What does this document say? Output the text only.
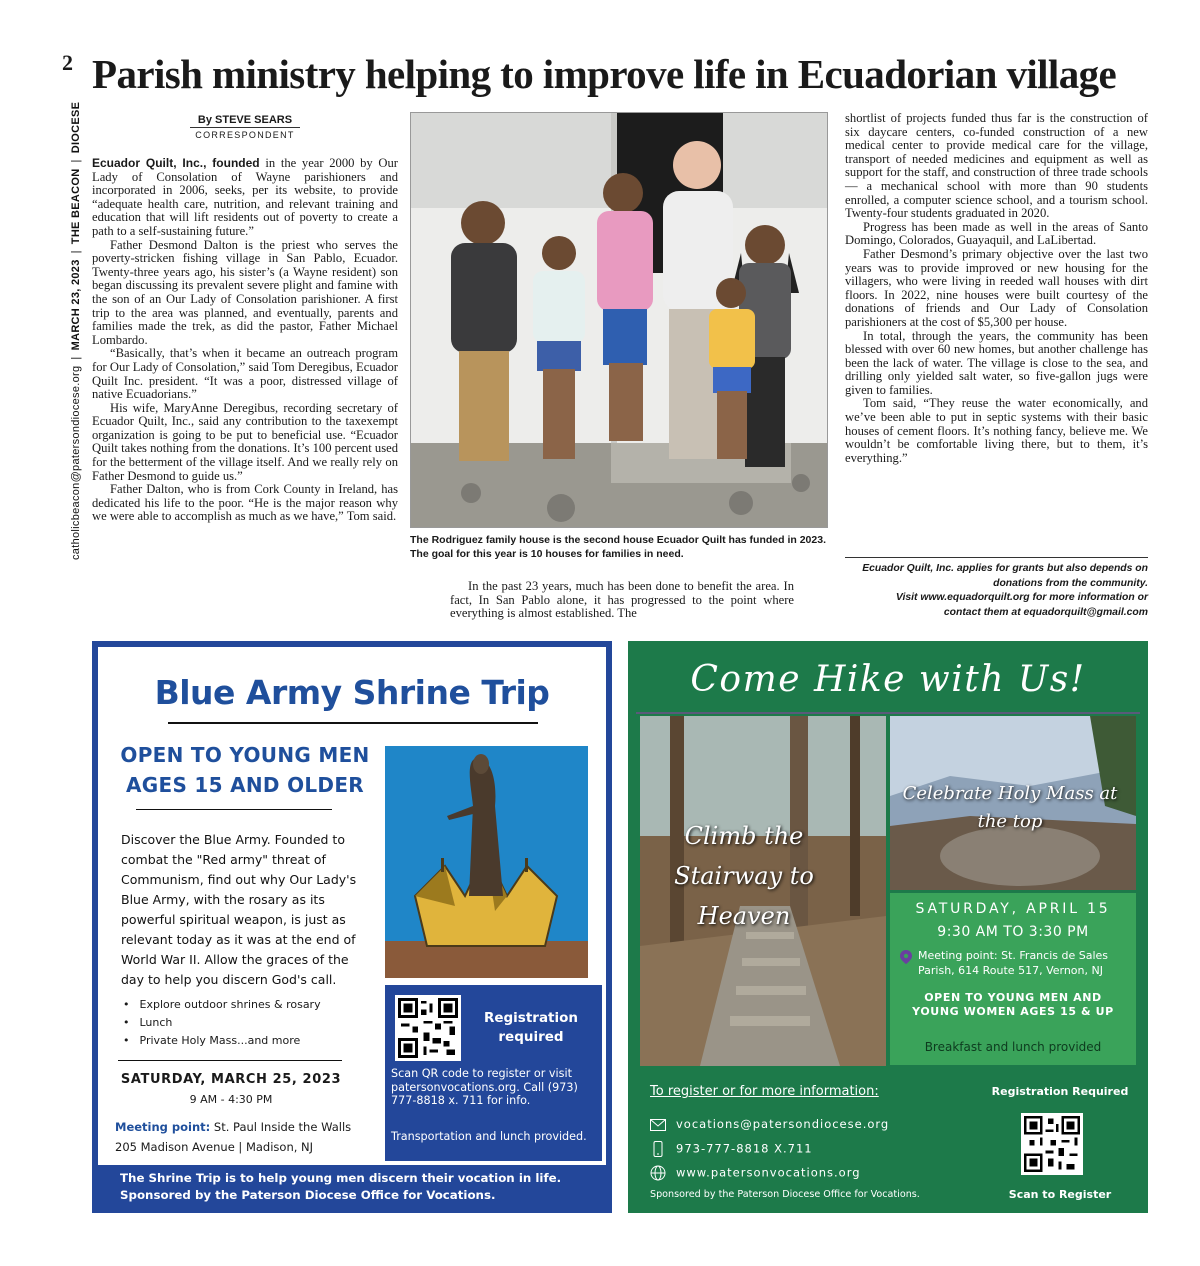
2
catholicbeacon@patersondiocese.org|MARCH 23, 2023|THE BEACON|DIOCESE
Parish ministry helping to improve life in Ecuadorian village
By STEVE SEARS
CORRESPONDENT

Ecuador Quilt, Inc., founded in the year 2000 by Our Lady of Consolation of Wayne parishioners and incorporated in 2006, seeks, per its website, to provide “adequate health care, nutrition, and relevant training and education that will lift residents out of poverty to create a path to a self-sustaining future.”

Father Desmond Dalton is the priest who serves the poverty-stricken fishing village in San Pablo, Ecuador. Twenty-three years ago, his sister’s (a Wayne resident) son began discussing its prevalent severe plight and famine with the son of an Our Lady of Consolation parishioner. A first trip to the area was planned, and eventually, parents and families made the trek, as did the pastor, Father Michael Lombardo.

“Basically, that’s when it became an outreach program for Our Lady of Consolation,” said Tom Deregibus, Ecuador Quilt Inc. president. “It was a poor, distressed village of native Ecuadorians.”

His wife, MaryAnne Deregibus, recording secretary of Ecuador Quilt, Inc., said any contribution to the taxexempt organization is going to be put to beneficial use. “Ecuador Quilt takes nothing from the donations. It’s 100 percent used for the betterment of the village itself. And we really rely on Father Desmond to guide us.”

Father Dalton, who is from Cork County in Ireland, has dedicated his life to the poor. “He is the major reason why we were able to accomplish as much as we have,” Tom said.

The Rodriguez family house is the second house Ecuador Quilt has funded in 2023. The goal for this year is 10 houses for families in need.

In the past 23 years, much has been done to benefit the area. In fact, In San Pablo alone, it has progressed to the point where everything is almost established. The

shortlist of projects funded thus far is the construction of six daycare centers, co-funded construction of a new medical center to provide medical care for the village, transport of needed medicines and equipment as well as support for the staff, and construction of three trade schools — a mechanical school with more than 90 students enrolled, a computer science school, and a tourism school. Twenty-four students graduated in 2020.

Progress has been made as well in the areas of Santo Domingo, Colorados, Guayaquil, and LaLibertad.

Father Desmond’s primary objective over the last two years was to provide improved or new housing for the villagers, who were living in reeded wall houses with dirt floors. In 2022, nine houses were built courtesy of the donations of friends and Our Lady of Consolation parishioners at the cost of $5,300 per house.

In total, through the years, the community has been blessed with over 60 new homes, but another challenge has been the lack of water. The village is close to the sea, and drilling only yielded salt water, so five-gallon jugs were given to families.

Tom said, “They reuse the water economically, and we’ve been able to put in septic systems with their basic houses of cement floors. It’s nothing fancy, believe me. We wouldn’t be comfortable living there, but to them, it’s everything.”

Ecuador Quilt, Inc. applies for grants but also depends on
donations from the community.
Visit www.equadorquilt.org for more information or
contact them at equadorquilt@gmail.com
Blue Army Shrine Trip
OPEN TO YOUNG MEN
AGES 15 AND OLDER
Discover the Blue Army. Founded to combat the "Red army" threat of Communism, find out why Our Lady's Blue Army, with the rosary as its powerful spiritual weapon, is just as relevant today as it was at the end of World War II. Allow the graces of the day to help you discern God's call.
• Explore outdoor shrines & rosary
• Lunch
• Private Holy Mass...and more
SATURDAY, MARCH 25, 2023
9 AM - 4:30 PM
Meeting point: St. Paul Inside the Walls
205 Madison Avenue | Madison, NJ
Registration required
Scan QR code to register or visit patersonvocations.org. Call (973) 777-8818 x. 711 for info.
Transportation and lunch provided.
The Shrine Trip is to help young men discern their vocation in life. Sponsored by the Paterson Diocese Office for Vocations.
Come Hike with Us!
Climb the Stairway to Heaven
Celebrate Holy Mass at the top
SATURDAY, APRIL 15
9:30 AM TO 3:30 PM
Meeting point: St. Francis de Sales Parish, 614 Route 517, Vernon, NJ
OPEN TO YOUNG MEN AND YOUNG WOMEN AGES 15 & UP
Breakfast and lunch provided
To register or for more information:	Registration Required
vocations@patersondiocese.org
973-777-8818 X.711
www.patersonvocations.org
Sponsored by the Paterson Diocese Office for Vocations.	Scan to Register
